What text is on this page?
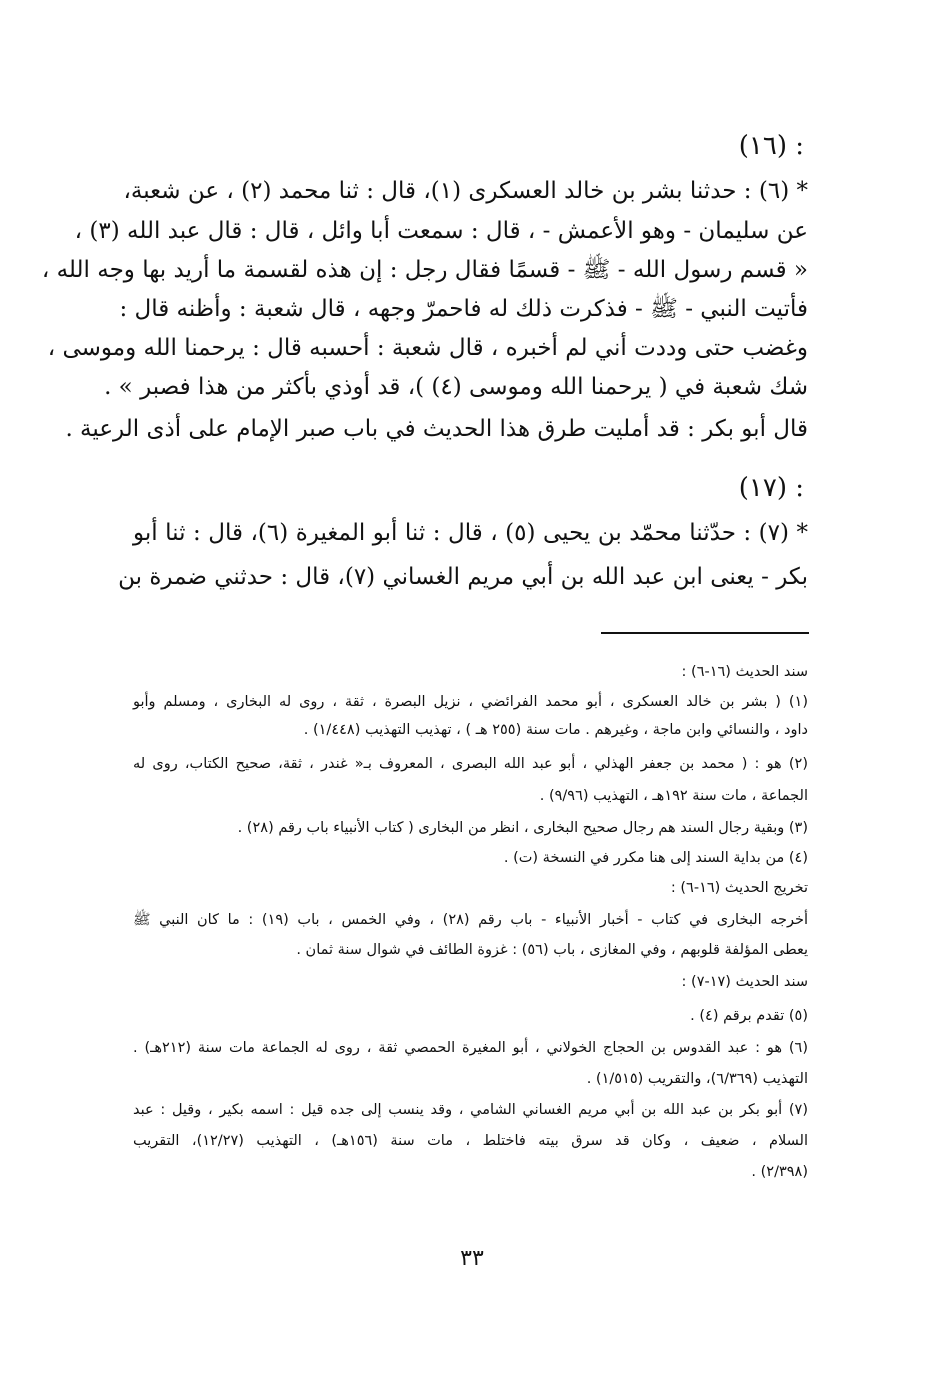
: (١٦)
* (٦) : حدثنا بشر بن خالد العسكرى (١)، قال : ثنا محمد (٢) ، عن شعبة،
عن سليمان - وهو الأعمش - ، قال : سمعت أبا وائل ، قال : قال عبد الله (٣) ،
« قسم رسول الله - ﷺ - قسمًا فقال رجل : إن هذه لقسمة ما أريد بها وجه الله ،
فأتيت النبي - ﷺ - فذكرت ذلك له فاحمرّ وجهه ، قال شعبة : وأظنه قال :
وغضب حتى وددت أني لم أخبره ، قال شعبة : أحسبه قال : يرحمنا الله وموسى ،
شك شعبة في ( يرحمنا الله وموسى (٤) )، قد أوذي بأكثر من هذا فصبر » .
قال أبو بكر : قد أمليت طرق هذا الحديث في باب صبر الإمام على أذى الرعية .
: (١٧)
* (٧) : حدّثنا محمّد بن يحيى (٥) ، قال : ثنا أبو المغيرة (٦)، قال : ثنا أبو
بكر - يعنى ابن عبد الله بن أبي مريم الغساني (٧)، قال : حدثني ضمرة بن
سند الحديث (١٦-٦) :
(١) ( بشر بن خالد العسكرى ، أبو محمد الفرائضي ، نزيل البصرة ، ثقة ، روى له البخارى ، ومسلم وأبو
داود ، والنسائي وابن ماجة ، وغيرهم . مات سنة (٢٥٥ هـ ) ، تهذيب التهذيب (١/٤٤٨) .
(٢) هو : ( محمد بن جعفر الهذلي ، أبو عبد الله البصرى ، المعروف بـ« غندر ، ثقة، صحيح الكتاب، روى له
الجماعة ، مات سنة ١٩٢هـ ، التهذيب (٩/٩٦) .
(٣) وبقية رجال السند هم رجال صحيح البخارى ، انظر من البخارى ( كتاب الأنبياء باب رقم (٢٨) .
(٤) من بداية السند إلى هنا مكرر في النسخة (ت) .
تخريج الحديث (١٦-٦) :
أخرجه البخارى في كتاب - أخبار الأنبياء - باب رقم (٢٨) ، وفي الخمس ، باب (١٩) : ما كان النبي ﷺ
يعطى المؤلفة قلوبهم ، وفي المغازى ، باب (٥٦) : غزوة الطائف في شوال سنة ثمان .
سند الحديث (١٧-٧) :
(٥) تقدم برقم (٤) .
(٦) هو : عبد القدوس بن الحجاج الخولاني ، أبو المغيرة الحمصي ثقة ، روى له الجماعة مات سنة (٢١٢هـ) .
التهذيب (٦/٣٦٩)، والتقريب (١/٥١٥) .
(٧) أبو بكر بن عبد الله بن أبي مريم الغساني الشامي ، وقد ينسب إلى جده قيل : اسمه بكير ، وقيل : عبد
السلام ، ضعيف ، وكان قد سرق بيته فاختلط ، مات سنة (١٥٦هـ) ، التهذيب (١٢/٢٧)، التقريب
(٢/٣٩٨) .
٣٣
